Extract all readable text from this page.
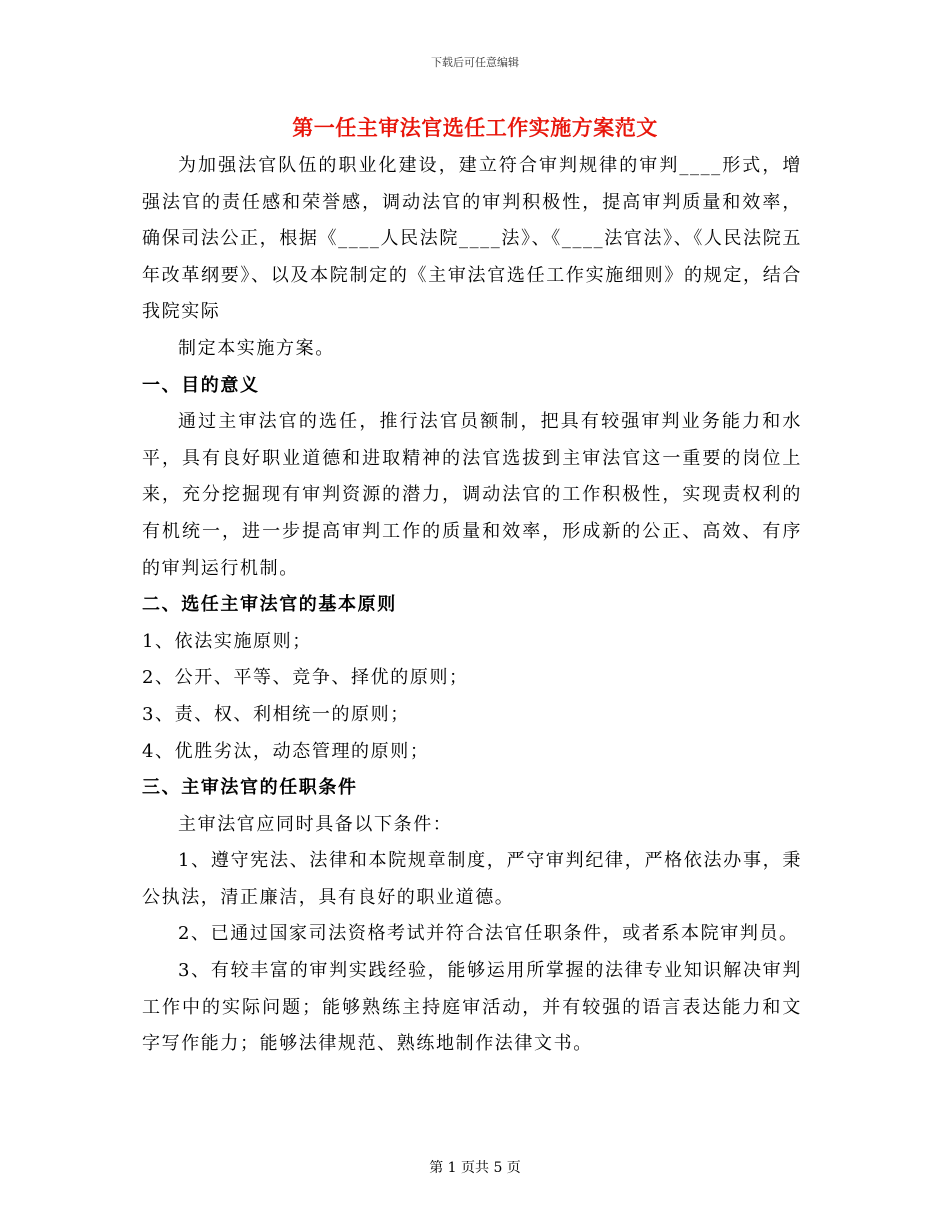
下载后可任意编辑
第一任主审法官选任工作实施方案范文

为加强法官队伍的职业化建设，建立符合审判规律的审判____形式，增强法官的责任感和荣誉感，调动法官的审判积极性，提高审判质量和效率，确保司法公正，根据《____人民法院____法》、《____法官法》、《人民法院五年改革纲要》、以及本院制定的《主审法官选任工作实施细则》的规定，结合我院实际

制定本实施方案。

一、目的意义

通过主审法官的选任，推行法官员额制，把具有较强审判业务能力和水平，具有良好职业道德和进取精神的法官选拔到主审法官这一重要的岗位上来，充分挖掘现有审判资源的潜力，调动法官的工作积极性，实现责权利的有机统一，进一步提高审判工作的质量和效率，形成新的公正、高效、有序的审判运行机制。

二、选任主审法官的基本原则

1、依法实施原则；

2、公开、平等、竞争、择优的原则；

3、责、权、利相统一的原则；

4、优胜劣汰，动态管理的原则；

三、主审法官的任职条件

主审法官应同时具备以下条件：

1、遵守宪法、法律和本院规章制度，严守审判纪律，严格依法办事，秉公执法，清正廉洁，具有良好的职业道德。

2、已通过国家司法资格考试并符合法官任职条件，或者系本院审判员。

3、有较丰富的审判实践经验，能够运用所掌握的法律专业知识解决审判工作中的实际问题；能够熟练主持庭审活动，并有较强的语言表达能力和文字写作能力；能够法律规范、熟练地制作法律文书。

第 1 页共 5 页
